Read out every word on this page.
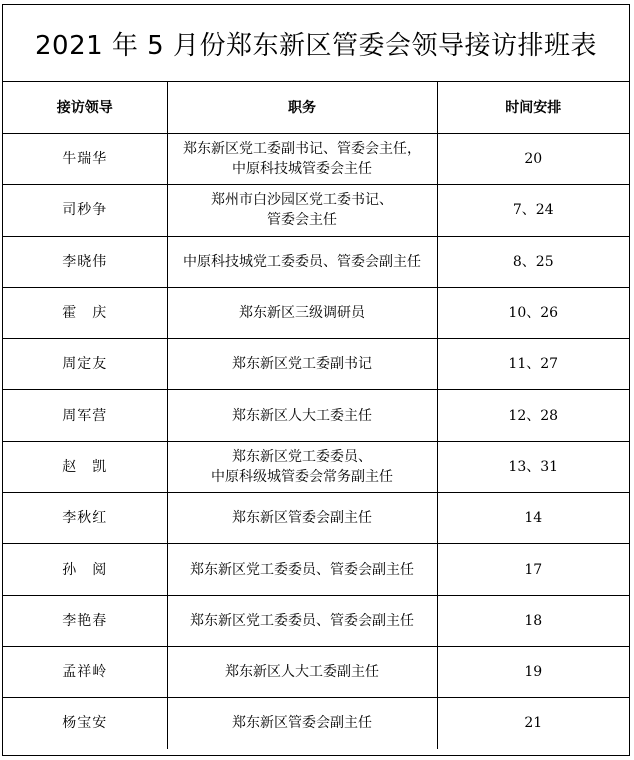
2021 年 5 月份郑东新区管委会领导接访排班表
接访领导	职务	时间安排
牛瑞华	郑东新区党工委副书记、管委会主任，
中原科技城管委会主任	20
司秒争	郑州市白沙园区党工委书记、
管委会主任	7、24
李晓伟	中原科技城党工委委员、管委会副主任	8、25
霍　庆	郑东新区三级调研员	10、26
周定友	郑东新区党工委副书记	11、27
周军营	郑东新区人大工委主任	12、28
赵　凯	郑东新区党工委委员、
中原科级城管委会常务副主任	13、31
李秋红	郑东新区管委会副主任	14
孙　阅	郑东新区党工委委员、管委会副主任	17
李艳春	郑东新区党工委委员、管委会副主任	18
孟祥岭	郑东新区人大工委副主任	19
杨宝安	郑东新区管委会副主任	21
